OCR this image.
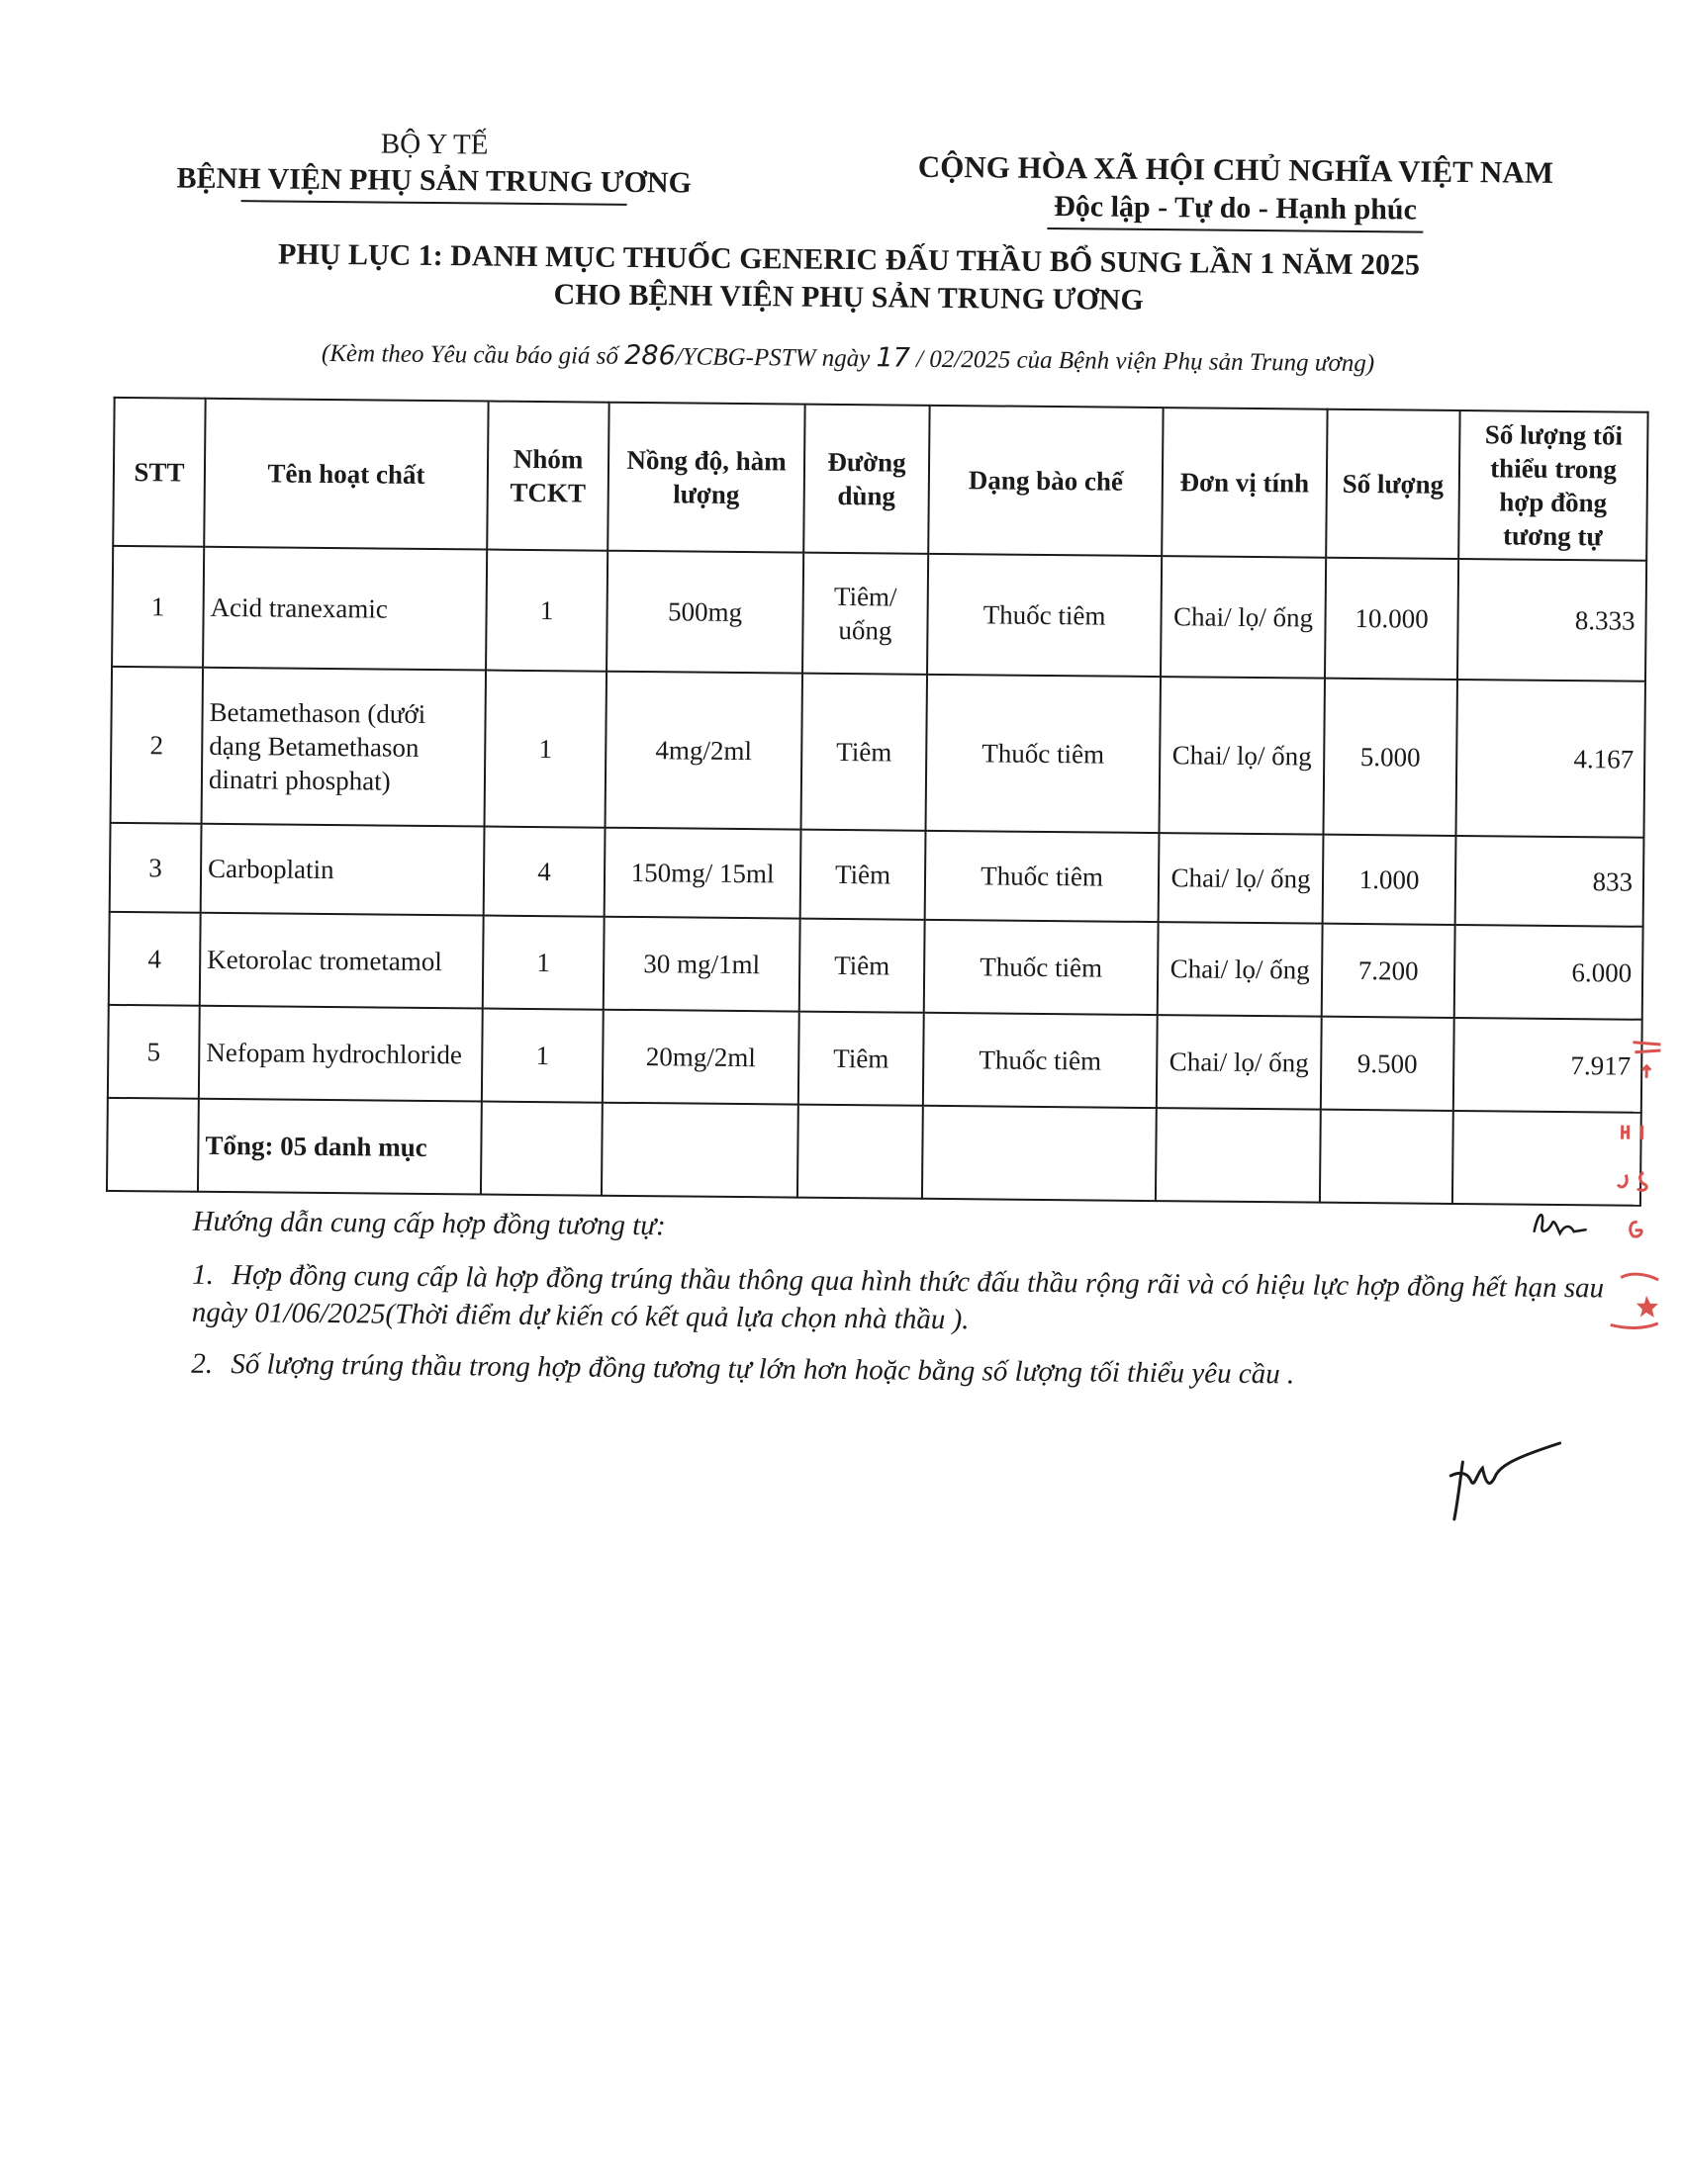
BỘ Y TẾ
BỆNH VIỆN PHỤ SẢN TRUNG ƯƠNG	CỘNG HÒA XÃ HỘI CHỦ NGHĨA VIỆT NAM
Độc lập - Tự do - Hạnh phúc
PHỤ LỤC 1: DANH MỤC THUỐC GENERIC ĐẤU THẦU BỔ SUNG LẦN 1 NĂM 2025
CHO BỆNH VIỆN PHỤ SẢN TRUNG ƯƠNG
(Kèm theo Yêu cầu báo giá số 286/YCBG-PSTW ngày 17 / 02/2025 của Bệnh viện Phụ sản Trung ương)
STT	Tên hoạt chất	Nhóm TCKT	Nồng độ, hàm lượng	Đường dùng	Dạng bào chế	Đơn vị tính	Số lượng	Số lượng tối thiểu trong hợp đồng tương tự
1	Acid tranexamic	1	500mg	Tiêm/ uống	Thuốc tiêm	Chai/ lọ/ ống	10.000	8.333
2	Betamethason (dưới dạng Betamethason dinatri phosphat)	1	4mg/2ml	Tiêm	Thuốc tiêm	Chai/ lọ/ ống	5.000	4.167
3	Carboplatin	4	150mg/ 15ml	Tiêm	Thuốc tiêm	Chai/ lọ/ ống	1.000	833
4	Ketorolac trometamol	1	30 mg/1ml	Tiêm	Thuốc tiêm	Chai/ lọ/ ống	7.200	6.000
5	Nefopam hydrochloride	1	20mg/2ml	Tiêm	Thuốc tiêm	Chai/ lọ/ ống	9.500	7.917
	Tổng: 05 danh mục							
Hướng dẫn cung cấp hợp đồng tương tự:
1. Hợp đồng cung cấp là hợp đồng trúng thầu thông qua hình thức đấu thầu rộng rãi và có hiệu lực hợp đồng hết hạn sau ngày 01/06/2025(Thời điểm dự kiến có kết quả lựa chọn nhà thầu ).
2. Số lượng trúng thầu trong hợp đồng tương tự lớn hơn hoặc bằng số lượng tối thiểu yêu cầu .
